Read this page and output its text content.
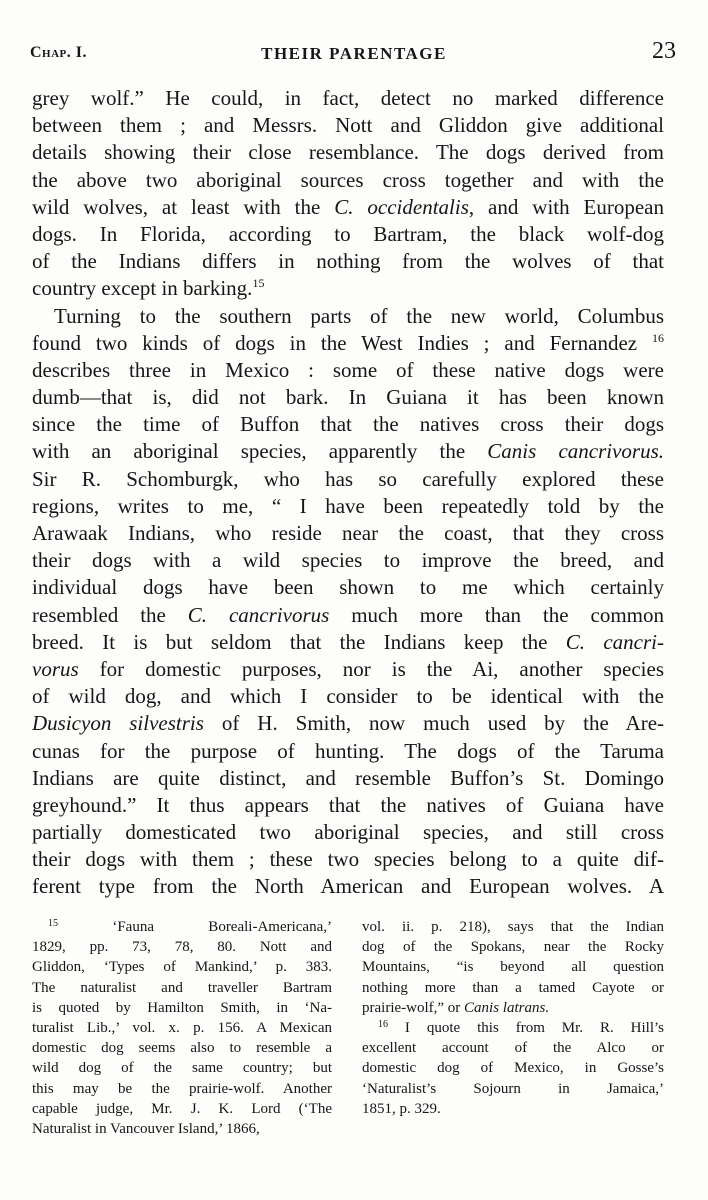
Chap. I.	THEIR PARENTAGE	23
grey wolf.” He could, in fact, detect no marked difference
between them ; and Messrs. Nott and Gliddon give additional
details showing their close resemblance. The dogs derived from
the above two aboriginal sources cross together and with the
wild wolves, at least with the C. occidentalis, and with European
dogs. In Florida, according to Bartram, the black wolf-dog
of the Indians differs in nothing from the wolves of that
country except in barking.$^{15}$
Turning to the southern parts of the new world, Columbus
found two kinds of dogs in the West Indies ; and Fernandez $^{16}$
describes three in Mexico : some of these native dogs were
dumb—that is, did not bark. In Guiana it has been known
since the time of Buffon that the natives cross their dogs
with an aboriginal species, apparently the Canis cancrivorus.
Sir R. Schomburgk, who has so carefully explored these
regions, writes to me, “ I have been repeatedly told by the
Arawaak Indians, who reside near the coast, that they cross
their dogs with a wild species to improve the breed, and
individual dogs have been shown to me which certainly
resembled the C. cancrivorus much more than the common
breed. It is but seldom that the Indians keep the C. cancri-
vorus for domestic purposes, nor is the Ai, another species
of wild dog, and which I consider to be identical with the
Dusicyon silvestris of H. Smith, now much used by the Are-
cunas for the purpose of hunting. The dogs of the Taruma
Indians are quite distinct, and resemble Buffon’s St. Domingo
greyhound.” It thus appears that the natives of Guiana have
partially domesticated two aboriginal species, and still cross
their dogs with them ; these two species belong to a quite dif-
ferent type from the North American and European wolves. A
$^{15}$	‘Fauna Boreali-Americana,’
1829, pp. 73, 78, 80. Nott and
Gliddon, ‘Types of Mankind,’ p. 383.
The naturalist and traveller Bartram
is quoted by Hamilton Smith, in ‘Na-
turalist Lib.,’ vol. x. p. 156. A Mexican
domestic dog seems also to resemble a
wild dog of the same country; but
this may be the prairie-wolf. Another
capable judge, Mr. J. K. Lord (‘The
Naturalist in Vancouver Island,’ 1866,
vol. ii. p. 218), says that the Indian
dog of the Spokans, near the Rocky
Mountains, “is beyond all question
nothing more than a tamed Cayote or
prairie-wolf,” or Canis latrans.
$^{16}$ I quote this from Mr. R. Hill’s
excellent account of the Alco or
domestic dog of Mexico, in Gosse’s
‘Naturalist’s Sojourn in Jamaica,’
1851, p. 329.
